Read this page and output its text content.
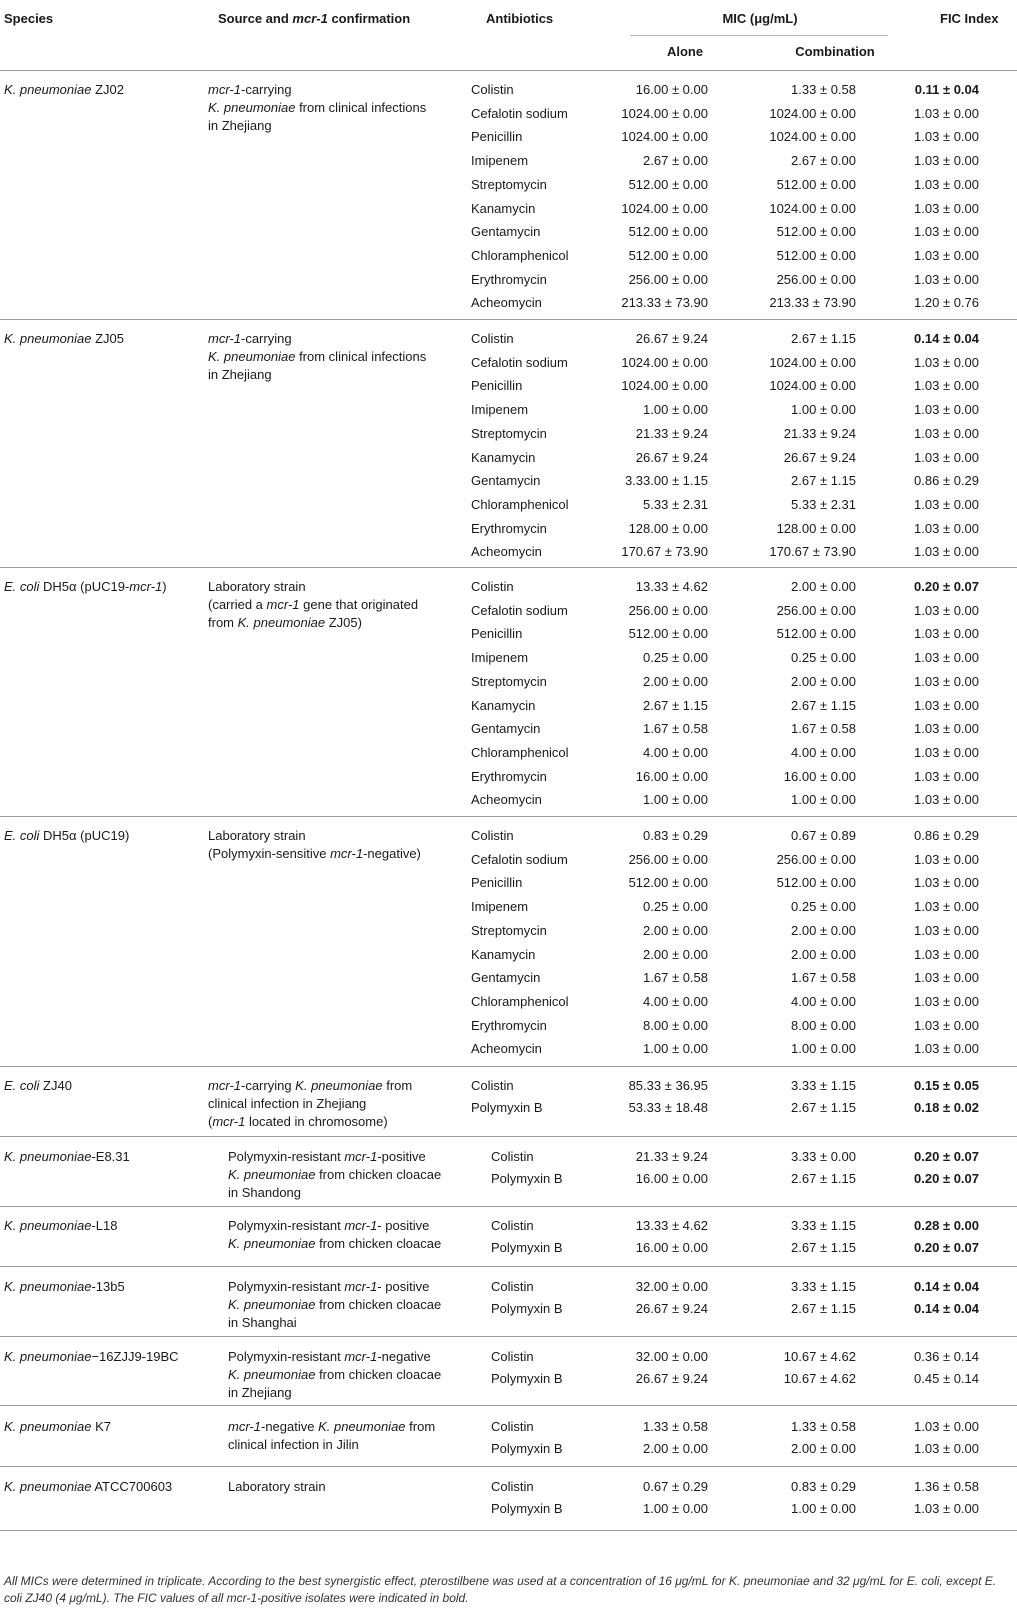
Species	Source and mcr-1 confirmation	Antibiotics	MIC (μg/mL)	FIC Index
Alone	Combination
K. pneumoniae ZJ02	mcr-1-carrying
K. pneumoniae from clinical infections
in Zhejiang
Colistin	16.00 ± 0.00	1.33 ± 0.58	0.11 ± 0.04
Cefalotin sodium	1024.00 ± 0.00	1024.00 ± 0.00	1.03 ± 0.00
Penicillin	1024.00 ± 0.00	1024.00 ± 0.00	1.03 ± 0.00
Imipenem	2.67 ± 0.00	2.67 ± 0.00	1.03 ± 0.00
Streptomycin	512.00 ± 0.00	512.00 ± 0.00	1.03 ± 0.00
Kanamycin	1024.00 ± 0.00	1024.00 ± 0.00	1.03 ± 0.00
Gentamycin	512.00 ± 0.00	512.00 ± 0.00	1.03 ± 0.00
Chloramphenicol	512.00 ± 0.00	512.00 ± 0.00	1.03 ± 0.00
Erythromycin	256.00 ± 0.00	256.00 ± 0.00	1.03 ± 0.00
Acheomycin	213.33 ± 73.90	213.33 ± 73.90	1.20 ± 0.76
K. pneumoniae ZJ05	mcr-1-carrying
K. pneumoniae from clinical infections
in Zhejiang
Colistin	26.67 ± 9.24	2.67 ± 1.15	0.14 ± 0.04
Cefalotin sodium	1024.00 ± 0.00	1024.00 ± 0.00	1.03 ± 0.00
Penicillin	1024.00 ± 0.00	1024.00 ± 0.00	1.03 ± 0.00
Imipenem	1.00 ± 0.00	1.00 ± 0.00	1.03 ± 0.00
Streptomycin	21.33 ± 9.24	21.33 ± 9.24	1.03 ± 0.00
Kanamycin	26.67 ± 9.24	26.67 ± 9.24	1.03 ± 0.00
Gentamycin	3.33.00 ± 1.15	2.67 ± 1.15	0.86 ± 0.29
Chloramphenicol	5.33 ± 2.31	5.33 ± 2.31	1.03 ± 0.00
Erythromycin	128.00 ± 0.00	128.00 ± 0.00	1.03 ± 0.00
Acheomycin	170.67 ± 73.90	170.67 ± 73.90	1.03 ± 0.00
E. coli DH5α (pUC19-mcr-1)	Laboratory strain
(carried a mcr-1 gene that originated
from K. pneumoniae ZJ05)
Colistin	13.33 ± 4.62	2.00 ± 0.00	0.20 ± 0.07
Cefalotin sodium	256.00 ± 0.00	256.00 ± 0.00	1.03 ± 0.00
Penicillin	512.00 ± 0.00	512.00 ± 0.00	1.03 ± 0.00
Imipenem	0.25 ± 0.00	0.25 ± 0.00	1.03 ± 0.00
Streptomycin	2.00 ± 0.00	2.00 ± 0.00	1.03 ± 0.00
Kanamycin	2.67 ± 1.15	2.67 ± 1.15	1.03 ± 0.00
Gentamycin	1.67 ± 0.58	1.67 ± 0.58	1.03 ± 0.00
Chloramphenicol	4.00 ± 0.00	4.00 ± 0.00	1.03 ± 0.00
Erythromycin	16.00 ± 0.00	16.00 ± 0.00	1.03 ± 0.00
Acheomycin	1.00 ± 0.00	1.00 ± 0.00	1.03 ± 0.00
E. coli DH5α (pUC19)	Laboratory strain
(Polymyxin-sensitive mcr-1-negative)
Colistin	0.83 ± 0.29	0.67 ± 0.89	0.86 ± 0.29
Cefalotin sodium	256.00 ± 0.00	256.00 ± 0.00	1.03 ± 0.00
Penicillin	512.00 ± 0.00	512.00 ± 0.00	1.03 ± 0.00
Imipenem	0.25 ± 0.00	0.25 ± 0.00	1.03 ± 0.00
Streptomycin	2.00 ± 0.00	2.00 ± 0.00	1.03 ± 0.00
Kanamycin	2.00 ± 0.00	2.00 ± 0.00	1.03 ± 0.00
Gentamycin	1.67 ± 0.58	1.67 ± 0.58	1.03 ± 0.00
Chloramphenicol	4.00 ± 0.00	4.00 ± 0.00	1.03 ± 0.00
Erythromycin	8.00 ± 0.00	8.00 ± 0.00	1.03 ± 0.00
Acheomycin	1.00 ± 0.00	1.00 ± 0.00	1.03 ± 0.00
E. coli ZJ40	mcr-1-carrying K. pneumoniae from
clinical infection in Zhejiang
(mcr-1 located in chromosome)
Colistin	85.33 ± 36.95	3.33 ± 1.15	0.15 ± 0.05
Polymyxin B	53.33 ± 18.48	2.67 ± 1.15	0.18 ± 0.02
K. pneumoniae-E8.31	Polymyxin-resistant mcr-1-positive
K. pneumoniae from chicken cloacae
in Shandong
Colistin	21.33 ± 9.24	3.33 ± 0.00	0.20 ± 0.07
Polymyxin B	16.00 ± 0.00	2.67 ± 1.15	0.20 ± 0.07
K. pneumoniae-L18	Polymyxin-resistant mcr-1- positive
K. pneumoniae from chicken cloacae
Colistin	13.33 ± 4.62	3.33 ± 1.15	0.28 ± 0.00
Polymyxin B	16.00 ± 0.00	2.67 ± 1.15	0.20 ± 0.07
K. pneumoniae-13b5	Polymyxin-resistant mcr-1- positive
K. pneumoniae from chicken cloacae
in Shanghai
Colistin	32.00 ± 0.00	3.33 ± 1.15	0.14 ± 0.04
Polymyxin B	26.67 ± 9.24	2.67 ± 1.15	0.14 ± 0.04
K. pneumoniae−16ZJJ9-19BC	Polymyxin-resistant mcr-1-negative
K. pneumoniae from chicken cloacae
in Zhejiang
Colistin	32.00 ± 0.00	10.67 ± 4.62	0.36 ± 0.14
Polymyxin B	26.67 ± 9.24	10.67 ± 4.62	0.45 ± 0.14
K. pneumoniae K7	mcr-1-negative K. pneumoniae from
clinical infection in Jilin
Colistin	1.33 ± 0.58	1.33 ± 0.58	1.03 ± 0.00
Polymyxin B	2.00 ± 0.00	2.00 ± 0.00	1.03 ± 0.00
K. pneumoniae ATCC700603	Laboratory strain	Colistin	0.67 ± 0.29	0.83 ± 0.29	1.36 ± 0.58
Polymyxin B	1.00 ± 0.00	1.00 ± 0.00	1.03 ± 0.00
All MICs were determined in triplicate. According to the best synergistic effect, pterostilbene was used at a concentration of 16 μg/mL for K. pneumoniae and 32 μg/mL for E. coli, except E. coli ZJ40 (4 μg/mL). The FIC values of all mcr-1-positive isolates were indicated in bold.
